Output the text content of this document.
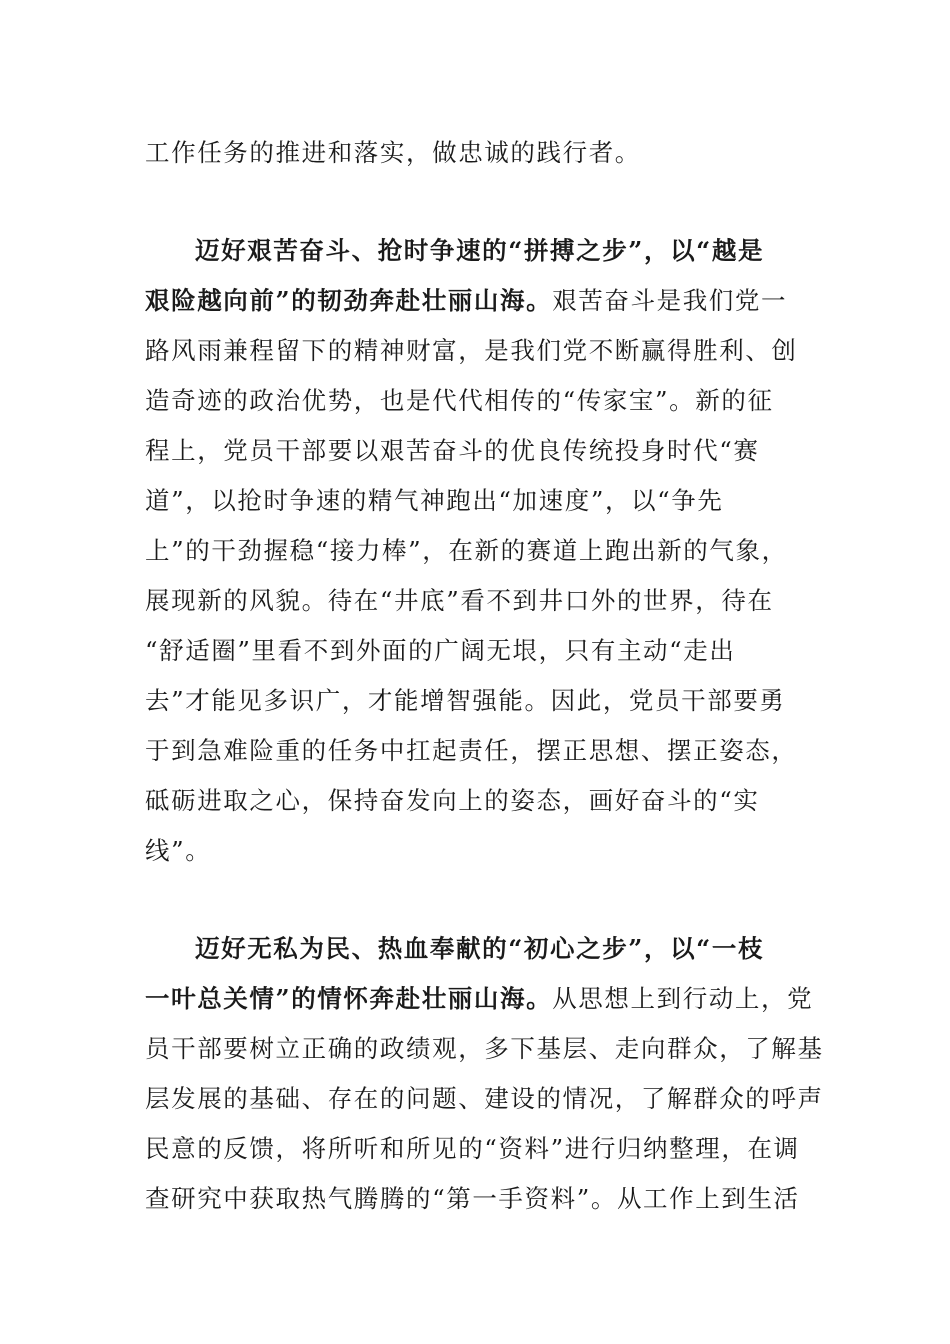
工作任务的推进和落实，做忠诚的践行者。
迈好艰苦奋斗、抢时争速的“拼搏之步”，以“越是
艰险越向前”的韧劲奔赴壮丽山海。艰苦奋斗是我们党一
路风雨兼程留下的精神财富，是我们党不断赢得胜利、创
造奇迹的政治优势，也是代代相传的“传家宝”。新的征
程上，党员干部要以艰苦奋斗的优良传统投身时代“赛
道”，以抢时争速的精气神跑出“加速度”，以“争先
上”的干劲握稳“接力棒”，在新的赛道上跑出新的气象，
展现新的风貌。待在“井底”看不到井口外的世界，待在
“舒适圈”里看不到外面的广阔无垠，只有主动“走出
去”才能见多识广，才能增智强能。因此，党员干部要勇
于到急难险重的任务中扛起责任，摆正思想、摆正姿态，
砥砺进取之心，保持奋发向上的姿态，画好奋斗的“实
线”。
迈好无私为民、热血奉献的“初心之步”，以“一枝
一叶总关情”的情怀奔赴壮丽山海。从思想上到行动上，党
员干部要树立正确的政绩观，多下基层、走向群众，了解基
层发展的基础、存在的问题、建设的情况，了解群众的呼声
民意的反馈，将所听和所见的“资料”进行归纳整理，在调
查研究中获取热气腾腾的“第一手资料”。从工作上到生活
